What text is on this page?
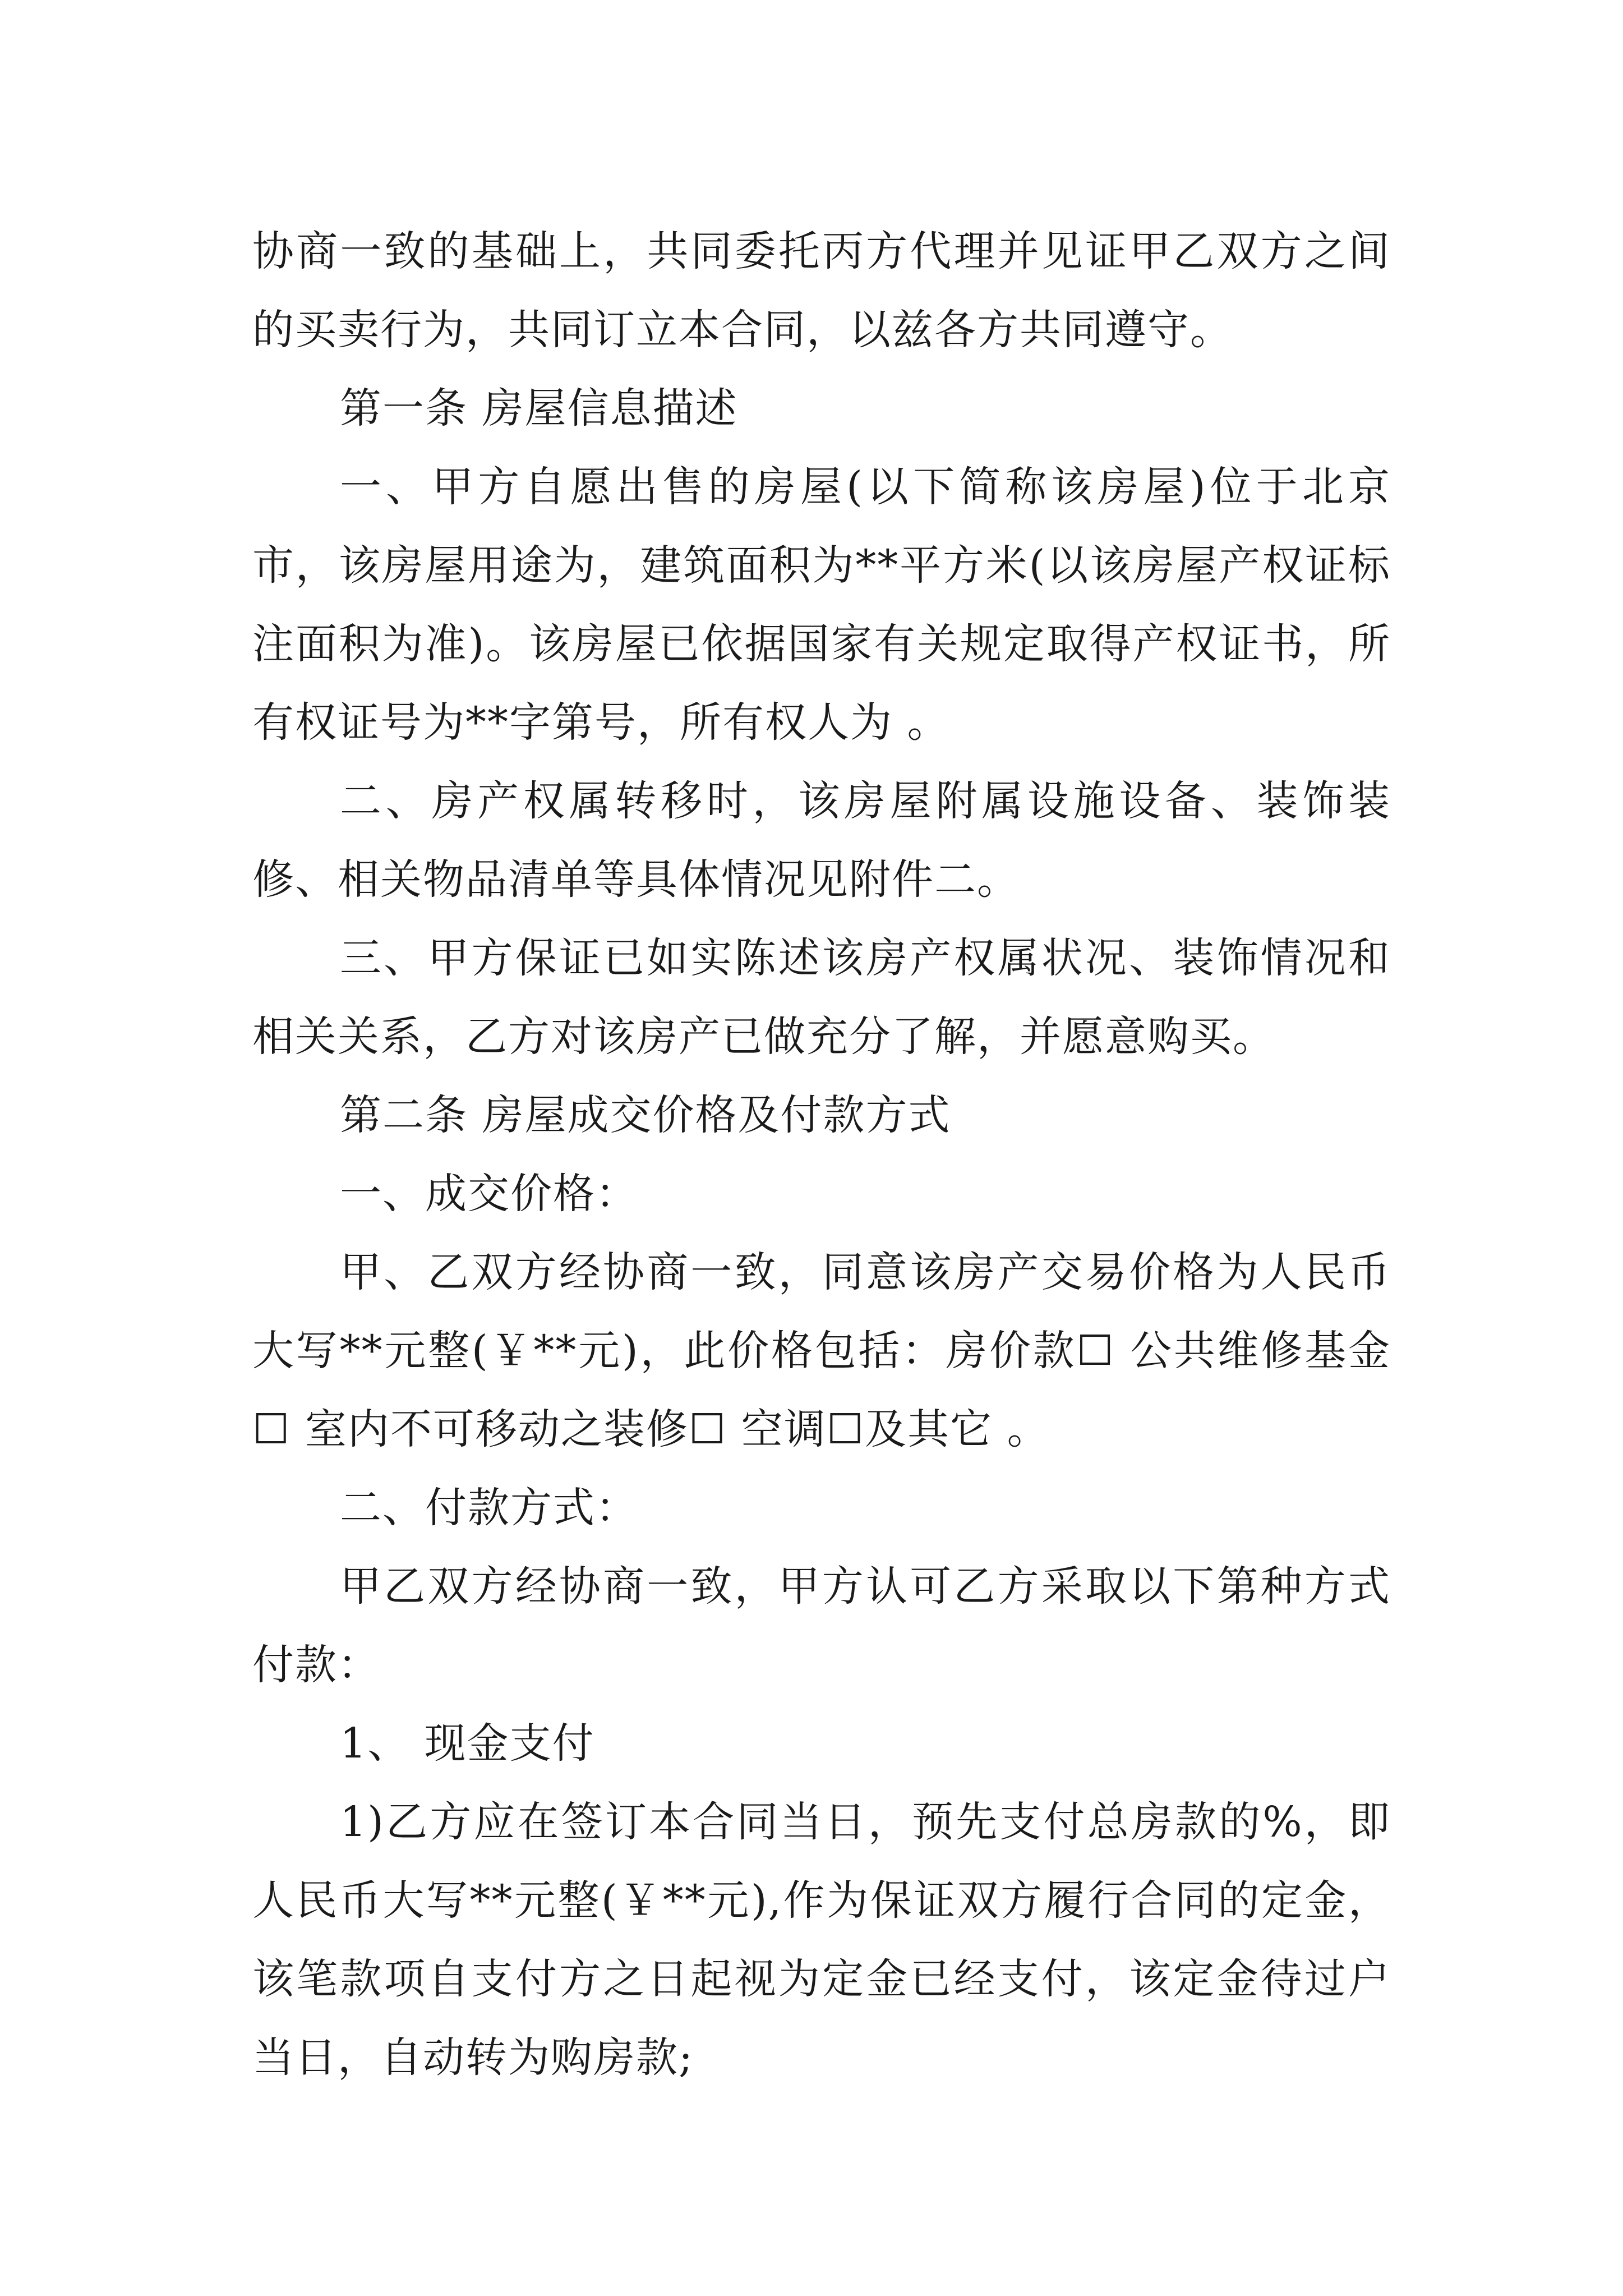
协商一致的基础上，共同委托丙方代理并见证甲乙双方之间的买卖行为，共同订立本合同，以兹各方共同遵守。

第一条 房屋信息描述

一、甲方自愿出售的房屋(以下简称该房屋)位于北京市，该房屋用途为，建筑面积为**平方米(以该房屋产权证标注面积为准)。该房屋已依据国家有关规定取得产权证书，所有权证号为**字第号，所有权人为 。

二、房产权属转移时，该房屋附属设施设备、装饰装修、相关物品清单等具体情况见附件二。

三、甲方保证已如实陈述该房产权属状况、装饰情况和相关关系，乙方对该房产已做充分了解，并愿意购买。

第二条 房屋成交价格及付款方式

一、成交价格：

甲、乙双方经协商一致，同意该房产交易价格为人民币大写**元整(￥**元)，此价格包括：房价款☐ 公共维修基金☐ 室内不可移动之装修☐ 空调☐及其它 。

二、付款方式：

甲乙双方经协商一致，甲方认可乙方采取以下第种方式付款：

1、 现金支付

1)乙方应在签订本合同当日，预先支付总房款的%，即人民币大写**元整(￥**元),作为保证双方履行合同的定金，该笔款项自支付方之日起视为定金已经支付，该定金待过户当日，自动转为购房款;
